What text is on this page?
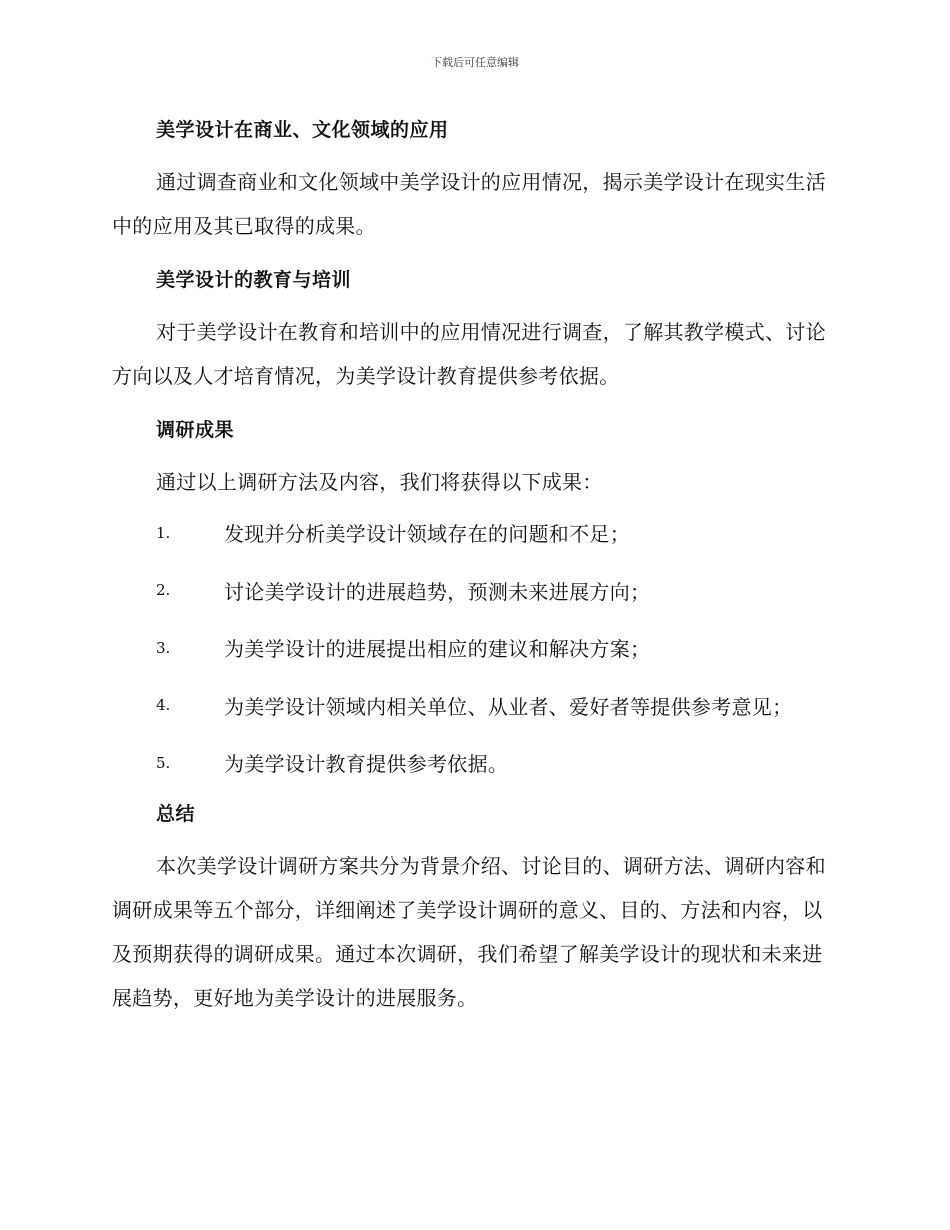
下载后可任意编辑
美学设计在商业、文化领域的应用

通过调查商业和文化领域中美学设计的应用情况，揭示美学设计在现实生活中的应用及其已取得的成果。

美学设计的教育与培训

对于美学设计在教育和培训中的应用情况进行调查，了解其教学模式、讨论方向以及人才培育情况，为美学设计教育提供参考依据。

调研成果

通过以上调研方法及内容，我们将获得以下成果：

1.	发现并分析美学设计领域存在的问题和不足；
2.	讨论美学设计的进展趋势，预测未来进展方向；
3.	为美学设计的进展提出相应的建议和解决方案；
4.	为美学设计领域内相关单位、从业者、爱好者等提供参考意见；
5.	为美学设计教育提供参考依据。
总结

本次美学设计调研方案共分为背景介绍、讨论目的、调研方法、调研内容和调研成果等五个部分，详细阐述了美学设计调研的意义、目的、方法和内容，以及预期获得的调研成果。通过本次调研，我们希望了解美学设计的现状和未来进展趋势，更好地为美学设计的进展服务。
